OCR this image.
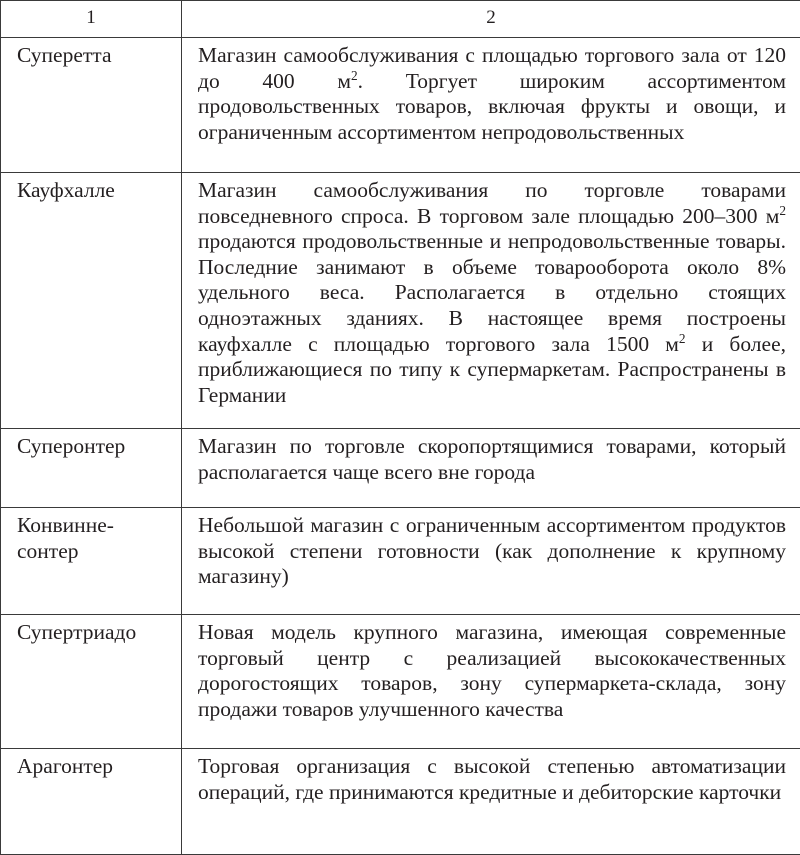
1	2
Суперетта	Магазин самообслуживания с площадью торгового зала от 120 до 400 $м^2$. Торгует широким ассортиментом продовольственных товаров, включая фрукты и овощи, и ограниченным ассортиментом непродовольственных

Кауфхалле	Магазин самообслуживания по торговле товарами повседневного спроса. В торговом зале площадью 200–300 $м^2$ продаются продовольственные и непродовольственные товары. Последние занимают в объеме товарооборота около 8% удельного веса. Располагается в отдельно стоящих одноэтажных зданиях. В настоящее время построены кауфхалле с площадью торгового зала 1500 $м^2$ и более, приближающиеся по типу к супермаркетам. Распространены в Германии

Суперонтер	Магазин по торговле скоропортящимися товарами, который располагается чаще всего вне города

Конвинне-
сонтер	Небольшой магазин с ограниченным ассортиментом продуктов высокой степени готовности (как дополнение к крупному магазину)

Супертриадо	Новая модель крупного магазина, имеющая современные торговый центр с реализацией высококачественных дорогостоящих товаров, зону супермаркета-склада, зону продажи товаров улучшенного качества

Арагонтер	Торговая организация с высокой степенью автоматизации операций, где принимаются кредитные и дебиторские карточки
